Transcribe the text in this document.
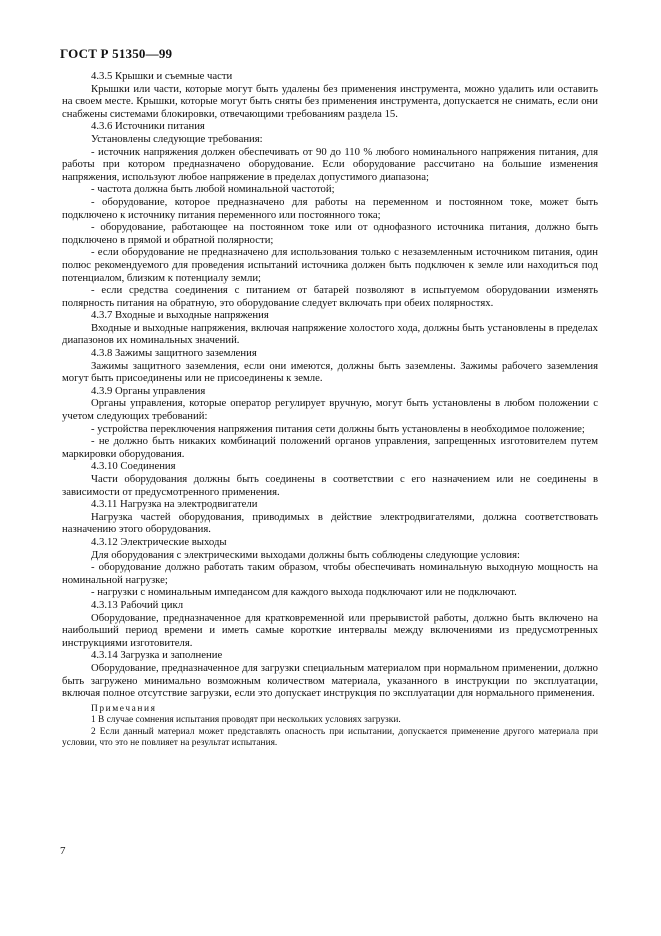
ГОСТ Р 51350—99

4.3.5 Крышки и съемные части

Крышки или части, которые могут быть удалены без применения инструмента, можно удалить или оставить на своем месте. Крышки, которые могут быть сняты без применения инструмента, допускается не снимать, если они снабжены системами блокировки, отвечающими требованиям раздела 15.

4.3.6 Источники питания

Установлены следующие требования:

- источник напряжения должен обеспечивать от 90 до 110 % любого номинального напряжения питания, для работы при котором предназначено оборудование. Если оборудование рассчитано на большие изменения напряжения, используют любое напряжение в пределах допустимого диапазона;

- частота должна быть любой номинальной частотой;

- оборудование, которое предназначено для работы на переменном и постоянном токе, может быть подключено к источнику питания переменного или постоянного тока;

- оборудование, работающее на постоянном токе или от однофазного источника питания, должно быть подключено в прямой и обратной полярности;

- если оборудование не предназначено для использования только с незаземленным источником питания, один полюс рекомендуемого для проведения испытаний источника должен быть подключен к земле или находиться под потенциалом, близким к потенциалу земли;

- если средства соединения с питанием от батарей позволяют в испытуемом оборудовании изменять полярность питания на обратную, это оборудование следует включать при обеих полярностях.

4.3.7 Входные и выходные напряжения

Входные и выходные напряжения, включая напряжение холостого хода, должны быть установлены в пределах диапазонов их номинальных значений.

4.3.8 Зажимы защитного заземления

Зажимы защитного заземления, если они имеются, должны быть заземлены. Зажимы рабочего заземления могут быть присоединены или не присоединены к земле.

4.3.9 Органы управления

Органы управления, которые оператор регулирует вручную, могут быть установлены в любом положении с учетом следующих требований:

- устройства переключения напряжения питания сети должны быть установлены в необходимое положение;

- не должно быть никаких комбинаций положений органов управления, запрещенных изготовителем путем маркировки оборудования.

4.3.10 Соединения

Части оборудования должны быть соединены в соответствии с его назначением или не соединены в зависимости от предусмотренного применения.

4.3.11 Нагрузка на электродвигатели

Нагрузка частей оборудования, приводимых в действие электродвигателями, должна соответствовать назначению этого оборудования.

4.3.12 Электрические выходы

Для оборудования с электрическими выходами должны быть соблюдены следующие условия:

- оборудование должно работать таким образом, чтобы обеспечивать номинальную выходную мощность на номинальной нагрузке;

- нагрузки с номинальным импедансом для каждого выхода подключают или не подключают.

4.3.13 Рабочий цикл

Оборудование, предназначенное для кратковременной или прерывистой работы, должно быть включено на наибольший период времени и иметь самые короткие интервалы между включениями из предусмотренных инструкциями изготовителя.

4.3.14 Загрузка и заполнение

Оборудование, предназначенное для загрузки специальным материалом при нормальном применении, должно быть загружено минимально возможным количеством материала, указанного в инструкции по эксплуатации, включая полное отсутствие загрузки, если это допускает инструкция по эксплуатации для нормального применения.

Примечания

1 В случае сомнения испытания проводят при нескольких условиях загрузки.

2 Если данный материал может представлять опасность при испытании, допускается применение другого материала при условии, что это не повлияет на результат испытания.

7
